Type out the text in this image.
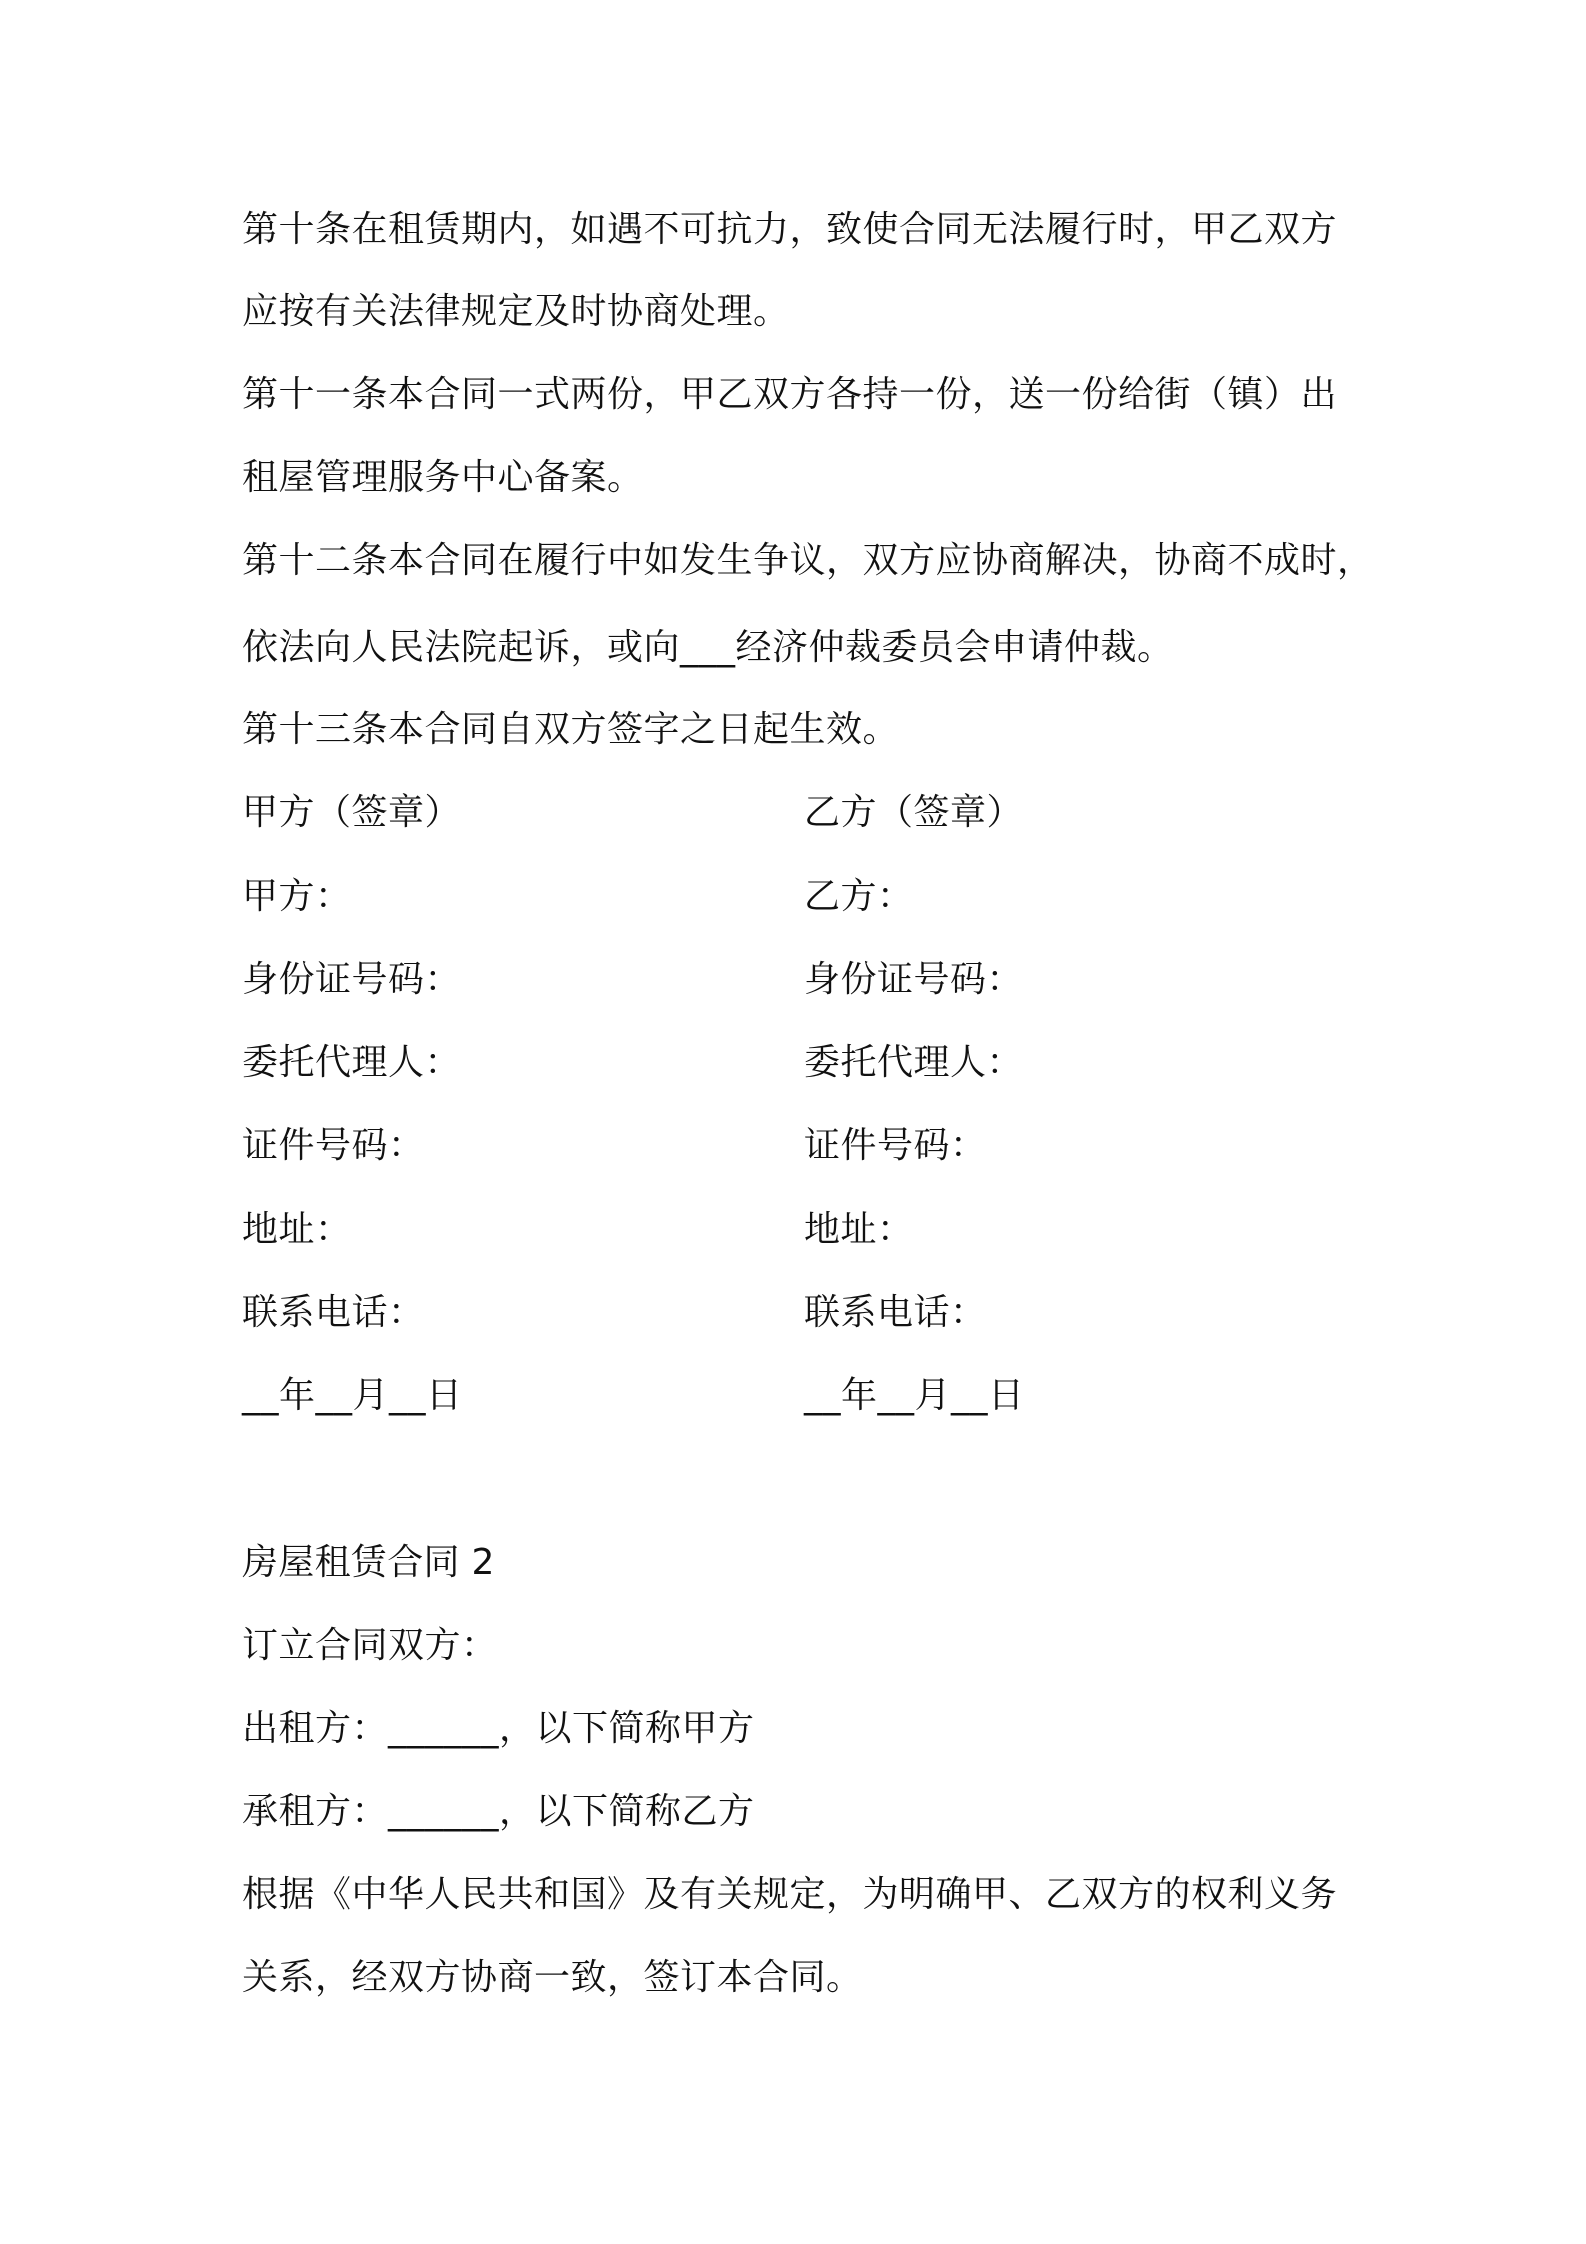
第十条在租赁期内，如遇不可抗力，致使合同无法履行时，甲乙双方

应按有关法律规定及时协商处理。

第十一条本合同一式两份，甲乙双方各持一份，送一份给街（镇）出

租屋管理服务中心备案。

第十二条本合同在履行中如发生争议，双方应协商解决，协商不成时，

依法向人民法院起诉，或向___经济仲裁委员会申请仲裁。

第十三条本合同自双方签字之日起生效。

甲方（签章）

甲方：

身份证号码：

委托代理人：

证件号码：

地址：

联系电话：

__年__月__日

乙方（签章）

乙方：

身份证号码：

委托代理人：

证件号码：

地址：

联系电话：

__年__月__日

房屋租赁合同 2

订立合同双方：

出租方：______，以下简称甲方

承租方：______，以下简称乙方

根据《中华人民共和国》及有关规定，为明确甲、乙双方的权利义务

关系，经双方协商一致，签订本合同。
